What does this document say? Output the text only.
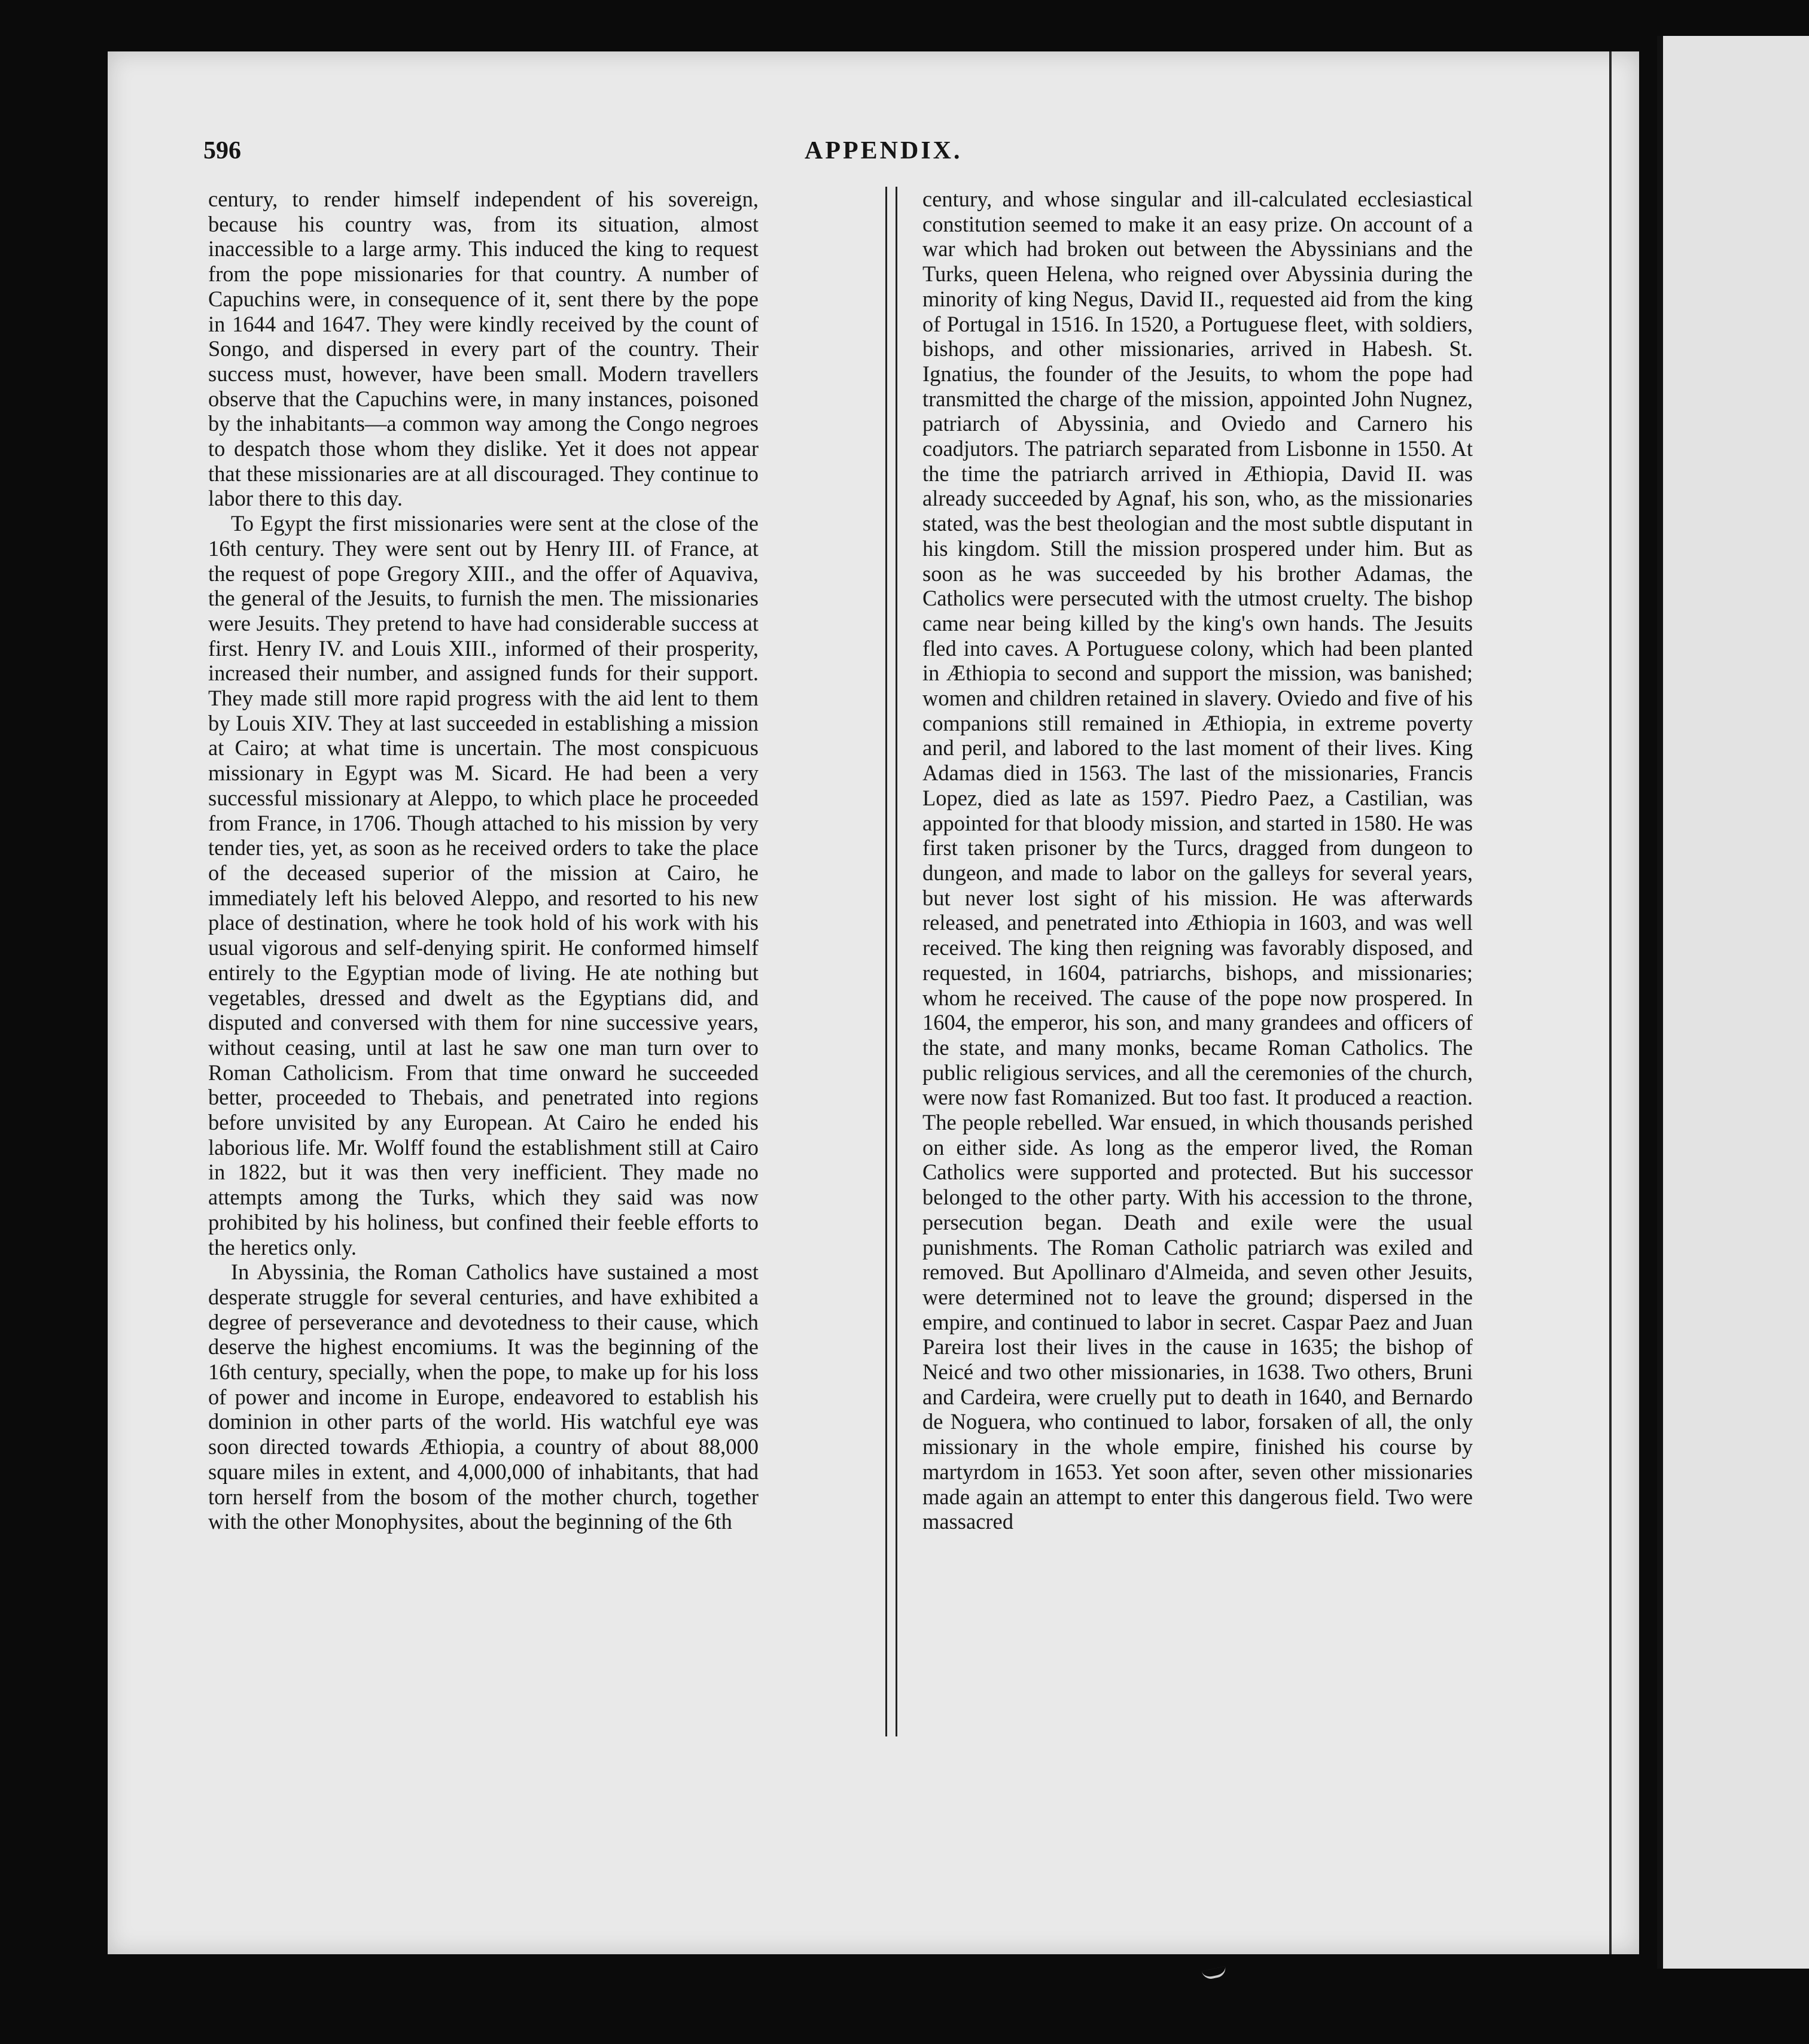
596	APPENDIX.

century, to render himself independent of his sovereign, because his country was, from its situation, almost inaccessible to a large army. This induced the king to request from the pope missionaries for that country. A number of Capuchins were, in consequence of it, sent there by the pope in 1644 and 1647. They were kindly received by the count of Songo, and dispersed in every part of the country. Their success must, however, have been small. Modern travellers observe that the Capuchins were, in many instances, poisoned by the inhabitants—a common way among the Congo negroes to despatch those whom they dislike. Yet it does not appear that these missionaries are at all discouraged. They continue to labor there to this day.

To Egypt the first missionaries were sent at the close of the 16th century. They were sent out by Henry III. of France, at the request of pope Gregory XIII., and the offer of Aquaviva, the general of the Jesuits, to furnish the men. The missionaries were Jesuits. They pretend to have had considerable success at first. Henry IV. and Louis XIII., informed of their prosperity, increased their number, and assigned funds for their support. They made still more rapid progress with the aid lent to them by Louis XIV. They at last succeeded in establishing a mission at Cairo; at what time is uncertain. The most conspicuous missionary in Egypt was M. Sicard. He had been a very successful missionary at Aleppo, to which place he proceeded from France, in 1706. Though attached to his mission by very tender ties, yet, as soon as he received orders to take the place of the deceased superior of the mission at Cairo, he immediately left his beloved Aleppo, and resorted to his new place of destination, where he took hold of his work with his usual vigorous and self-denying spirit. He conformed himself entirely to the Egyptian mode of living. He ate nothing but vegetables, dressed and dwelt as the Egyptians did, and disputed and conversed with them for nine successive years, without ceasing, until at last he saw one man turn over to Roman Catholicism. From that time onward he succeeded better, proceeded to Thebais, and penetrated into regions before unvisited by any European. At Cairo he ended his laborious life. Mr. Wolff found the establishment still at Cairo in 1822, but it was then very inefficient. They made no attempts among the Turks, which they said was now prohibited by his holiness, but confined their feeble efforts to the heretics only.

In Abyssinia, the Roman Catholics have sustained a most desperate struggle for several centuries, and have exhibited a degree of perseverance and devotedness to their cause, which deserve the highest encomiums. It was the beginning of the 16th century, specially, when the pope, to make up for his loss of power and income in Europe, endeavored to establish his dominion in other parts of the world. His watchful eye was soon directed towards Æthiopia, a country of about 88,000 square miles in extent, and 4,000,000 of inhabitants, that had torn herself from the bosom of the mother church, together with the other Monophysites, about the beginning of the 6th

century, and whose singular and ill-calculated ecclesiastical constitution seemed to make it an easy prize. On account of a war which had broken out between the Abyssinians and the Turks, queen Helena, who reigned over Abyssinia during the minority of king Negus, David II., requested aid from the king of Portugal in 1516. In 1520, a Portuguese fleet, with soldiers, bishops, and other missionaries, arrived in Habesh. St. Ignatius, the founder of the Jesuits, to whom the pope had transmitted the charge of the mission, appointed John Nugnez, patriarch of Abyssinia, and Oviedo and Carnero his coadjutors. The patriarch separated from Lisbonne in 1550. At the time the patriarch arrived in Æthiopia, David II. was already succeeded by Agnaf, his son, who, as the missionaries stated, was the best theologian and the most subtle disputant in his kingdom. Still the mission prospered under him. But as soon as he was succeeded by his brother Adamas, the Catholics were persecuted with the utmost cruelty. The bishop came near being killed by the king's own hands. The Jesuits fled into caves. A Portuguese colony, which had been planted in Æthiopia to second and support the mission, was banished; women and children retained in slavery. Oviedo and five of his companions still remained in Æthiopia, in extreme poverty and peril, and labored to the last moment of their lives. King Adamas died in 1563. The last of the missionaries, Francis Lopez, died as late as 1597. Piedro Paez, a Castilian, was appointed for that bloody mission, and started in 1580. He was first taken prisoner by the Turcs, dragged from dungeon to dungeon, and made to labor on the galleys for several years, but never lost sight of his mission. He was afterwards released, and penetrated into Æthiopia in 1603, and was well received. The king then reigning was favorably disposed, and requested, in 1604, patriarchs, bishops, and missionaries; whom he received. The cause of the pope now prospered. In 1604, the emperor, his son, and many grandees and officers of the state, and many monks, became Roman Catholics. The public religious services, and all the ceremonies of the church, were now fast Romanized. But too fast. It produced a reaction. The people rebelled. War ensued, in which thousands perished on either side. As long as the emperor lived, the Roman Catholics were supported and protected. But his successor belonged to the other party. With his accession to the throne, persecution began. Death and exile were the usual punishments. The Roman Catholic patriarch was exiled and removed. But Apollinaro d'Almeida, and seven other Jesuits, were determined not to leave the ground; dispersed in the empire, and continued to labor in secret. Caspar Paez and Juan Pareira lost their lives in the cause in 1635; the bishop of Neicé and two other missionaries, in 1638. Two others, Bruni and Cardeira, were cruelly put to death in 1640, and Bernardo de Noguera, who continued to labor, forsaken of all, the only missionary in the whole empire, finished his course by martyrdom in 1653. Yet soon after, seven other missionaries made again an attempt to enter this dangerous field. Two were massacred
